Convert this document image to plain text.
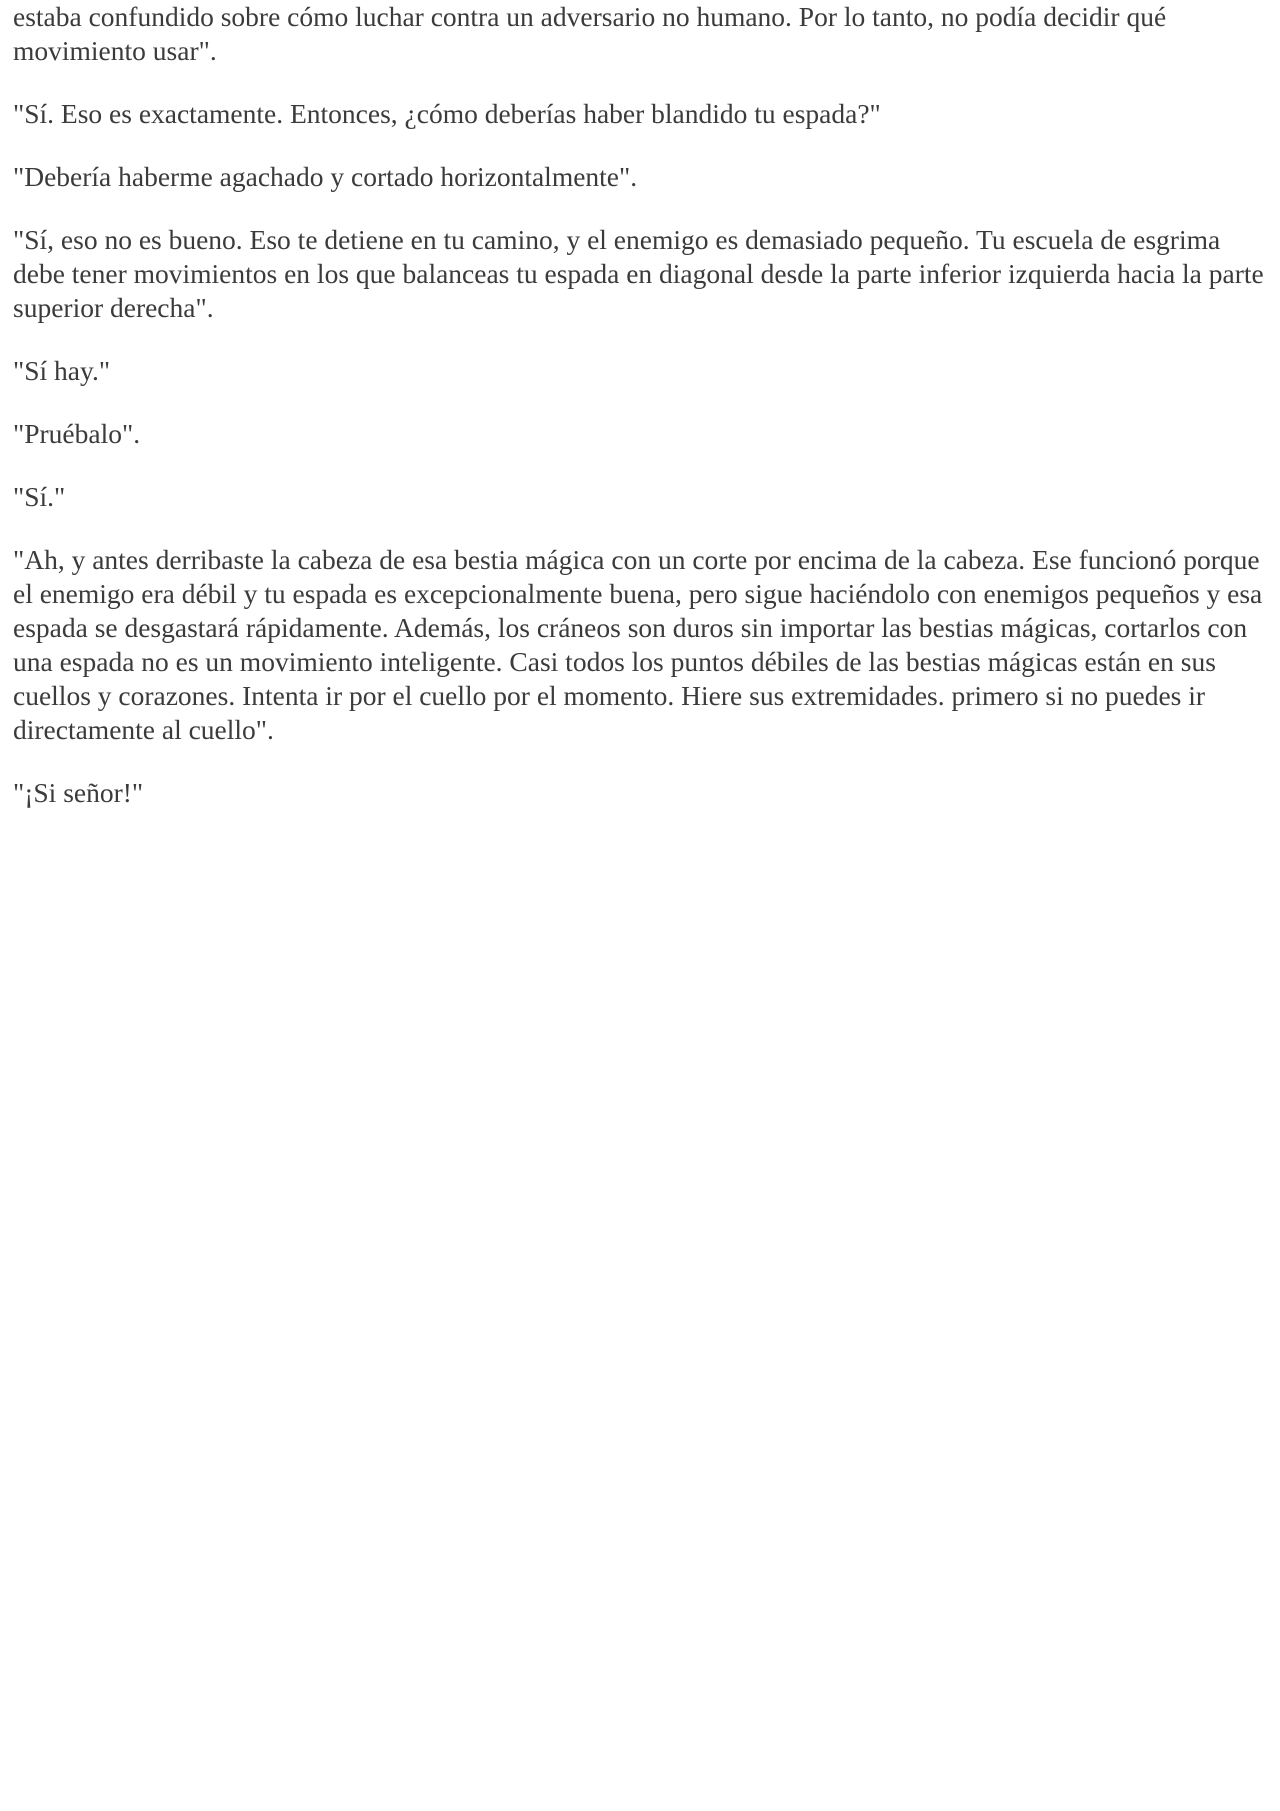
estaba confundido sobre cómo luchar contra un adversario no humano. Por lo tanto, no podía decidir qué movimiento usar".

"Sí. Eso es exactamente. Entonces, ¿cómo deberías haber blandido tu espada?"

"Debería haberme agachado y cortado horizontalmente".

"Sí, eso no es bueno. Eso te detiene en tu camino, y el enemigo es demasiado pequeño. Tu escuela de esgrima debe tener movimientos en los que balanceas tu espada en diagonal desde la parte inferior izquierda hacia la parte superior derecha".

"Sí hay."

"Pruébalo".

"Sí."

"Ah, y antes derribaste la cabeza de esa bestia mágica con un corte por encima de la cabeza. Ese funcionó porque el enemigo era débil y tu espada es excepcionalmente buena, pero sigue haciéndolo con enemigos pequeños y esa espada se desgastará rápidamente. Además, los cráneos son duros sin importar las bestias mágicas, cortarlos con una espada no es un movimiento inteligente. Casi todos los puntos débiles de las bestias mágicas están en sus cuellos y corazones. Intenta ir por el cuello por el momento. Hiere sus extremidades. primero si no puedes ir directamente al cuello".

"¡Si señor!"
